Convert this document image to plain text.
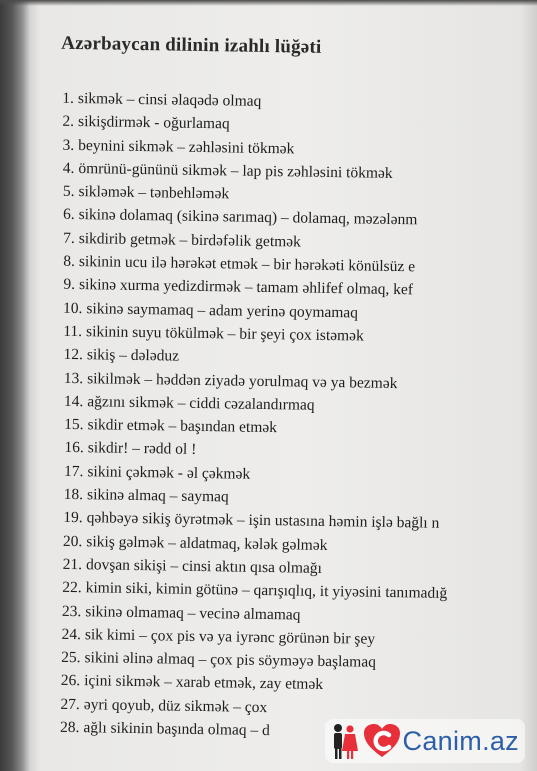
Azərbaycan dilinin izahlı lüğəti
1. sikmək – cinsi əlaqədə olmaq
2. sikişdirmək - oğurlamaq
3. beynini sikmək – zəhləsini tökmək
4. ömrünü-gününü sikmək – lap pis zəhləsini tökmək
5. sikləmək – tənbehləmək
6. sikinə dolamaq (sikinə sarımaq) – dolamaq, məzələnm
7. sikdirib getmək – birdəfəlik getmək
8. sikinin ucu ilə hərəkət etmək – bir hərəkəti könülsüz e
9. sikinə xurma yedizdirmək – tamam əhlifef olmaq, kef
10. sikinə saymamaq – adam yerinə qoymamaq
11. sikinin suyu tökülmək – bir şeyi çox istəmək
12. sikiş – dələduz
13. sikilmək – həddən ziyadə yorulmaq və ya bezmək
14. ağzını sikmək – ciddi cəzalandırmaq
15. sikdir etmək – başından etmək
16. sikdir! – rədd ol !
17. sikini çəkmək - əl çəkmək
18. sikinə almaq – saymaq
19. qəhbəyə sikiş öyrətmək – işin ustasına həmin işlə bağlı n
20. sikiş gəlmək – aldatmaq, kələk gəlmək
21. dovşan sikişi – cinsi aktın qısa olmağı
22. kimin siki, kimin götünə – qarışıqlıq, it yiyəsini tanımadığ
23. sikinə olmamaq – vecinə almamaq
24. sik kimi – çox pis və ya iyrənc görünən bir şey
25. sikini əlinə almaq – çox pis söyməyə başlamaq
26. içini sikmək – xarab etmək, zay etmək
27. əyri qoyub, düz sikmək – çox
28. ağlı sikinin başında olmaq – d	Canim.az
